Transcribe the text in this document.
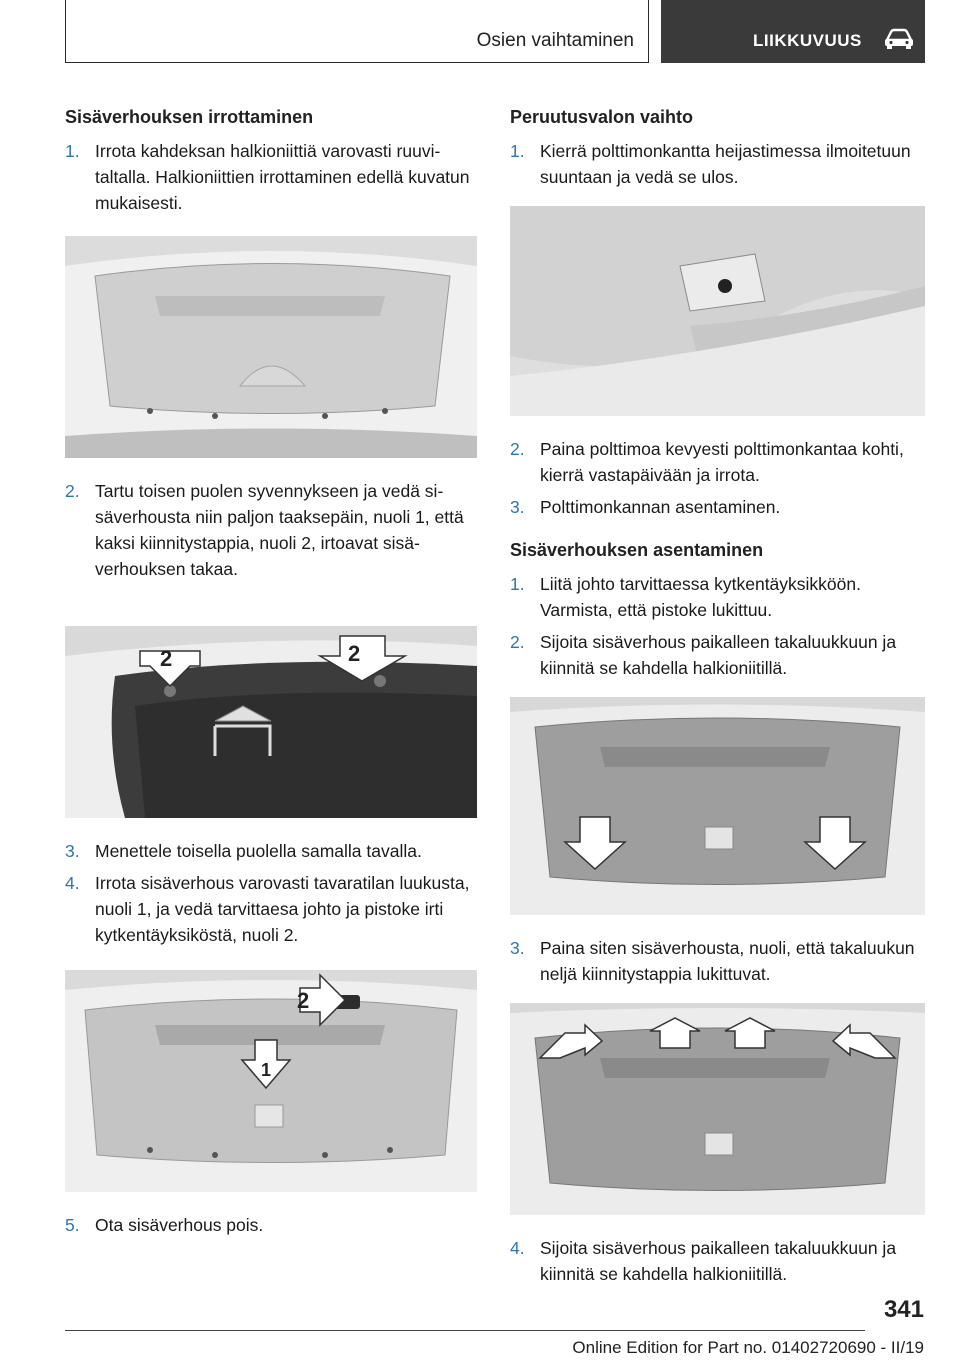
Osien vaihtaminen	LIIKKUVUUS
Sisäverhouksen irrottaminen
1. Irrota kahdeksan halkioniittiä varovasti ruuvitaltalla. Halkioniittien irrottaminen edellä kuvatun mukaisesti.
2. Tartu toisen puolen syvennykseen ja vedä sisäverhousta niin paljon taaksepäin, nuoli 1, että kaksi kiinnitystappia, nuoli 2, irtoavat sisäverhouksen takaa.
2	2
3. Menettele toisella puolella samalla tavalla.
4. Irrota sisäverhous varovasti tavaratilan luukusta, nuoli 1, ja vedä tarvittaesa johto ja pistoke irti kytkentäyksiköstä, nuoli 2.
2
1
5. Ota sisäverhous pois.
Peruutusvalon vaihto
1. Kierrä polttimonkantta heijastimessa ilmoitetuun suuntaan ja vedä se ulos.
2. Paina polttimoa kevyesti polttimonkantaa kohti, kierrä vastapäivään ja irrota.
3. Polttimonkannan asentaminen.
Sisäverhouksen asentaminen
1. Liitä johto tarvittaessa kytkentäyksikköön. Varmista, että pistoke lukittuu.
2. Sijoita sisäverhous paikalleen takaluukkuun ja kiinnitä se kahdella halkioniitillä.
3. Paina siten sisäverhousta, nuoli, että takaluukun neljä kiinnitystappia lukittuvat.
4. Sijoita sisäverhous paikalleen takaluukkuun ja kiinnitä se kahdella halkioniitillä.
341
Online Edition for Part no. 01402720690 - II/19
